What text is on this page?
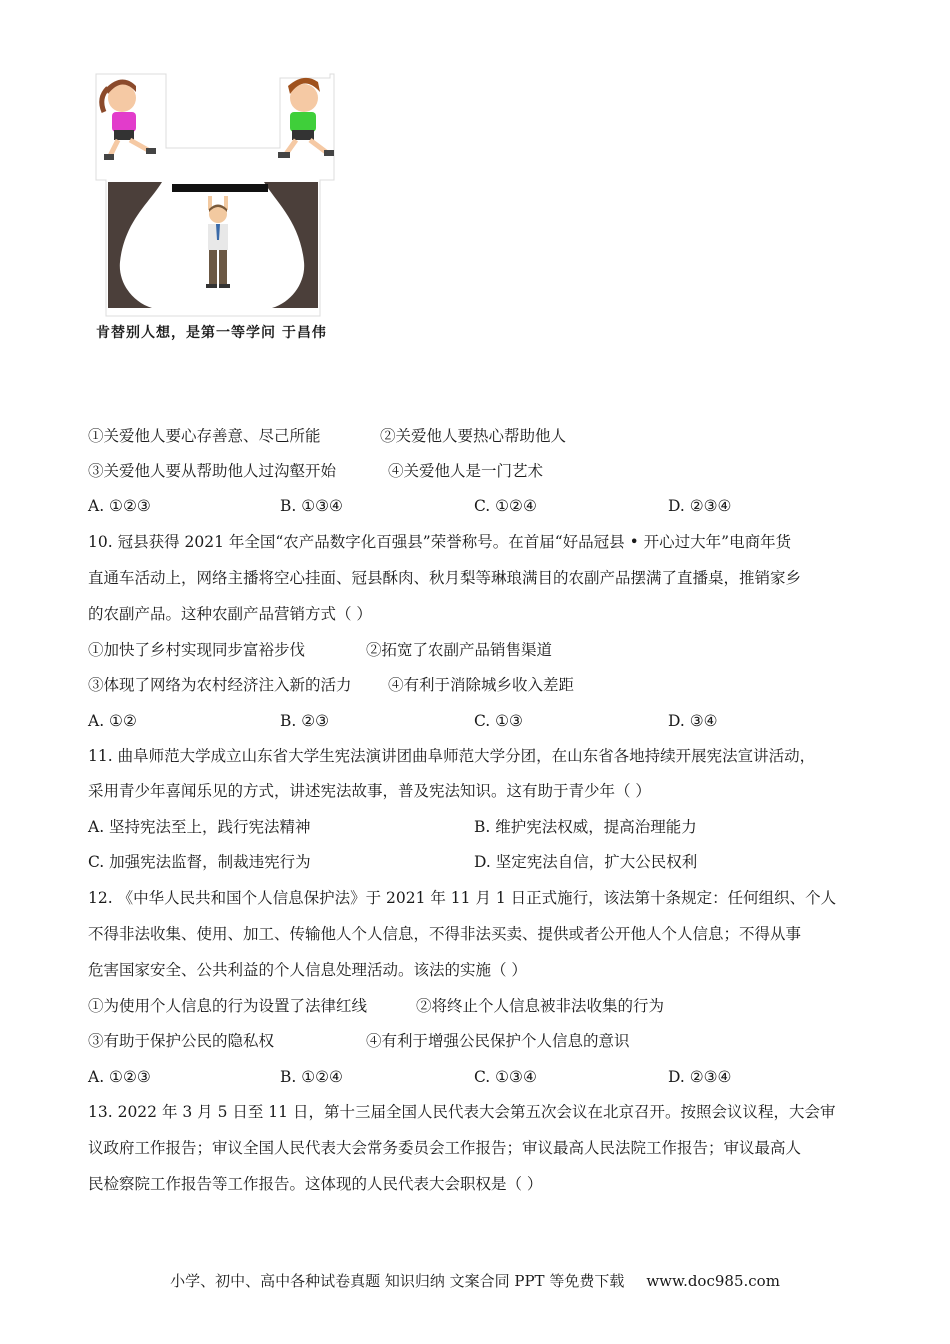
肯替别人想，是第一等学问 于昌伟
①关爱他人要心存善意、尽己所能	②关爱他人要热心帮助他人
③关爱他人要从帮助他人过沟壑开始	④关爱他人是一门艺术
A. ①②③	B. ①③④	C. ①②④	D. ②③④
10. 冠县获得 2021 年全国“农产品数字化百强县”荣誉称号。在首届“好品冠县 • 开心过大年”电商年货
直通车活动上，网络主播将空心挂面、冠县酥肉、秋月梨等琳琅满目的农副产品摆满了直播桌，推销家乡
的农副产品。这种农副产品营销方式（ ）
①加快了乡村实现同步富裕步伐	②拓宽了农副产品销售渠道
③体现了网络为农村经济注入新的活力 ④有利于消除城乡收入差距
A. ①②	B. ②③	C. ①③	D. ③④
11. 曲阜师范大学成立山东省大学生宪法演讲团曲阜师范大学分团，在山东省各地持续开展宪法宣讲活动，
采用青少年喜闻乐见的方式，讲述宪法故事，普及宪法知识。这有助于青少年（ ）
A. 坚持宪法至上，践行宪法精神	B. 维护宪法权威，提高治理能力
C. 加强宪法监督，制裁违宪行为	D. 坚定宪法自信，扩大公民权利
12. 《中华人民共和国个人信息保护法》于 2021 年 11 月 1 日正式施行，该法第十条规定：任何组织、个人
不得非法收集、使用、加工、传输他人个人信息，不得非法买卖、提供或者公开他人个人信息；不得从事
危害国家安全、公共利益的个人信息处理活动。该法的实施（ ）
①为使用个人信息的行为设置了法律红线	②将终止个人信息被非法收集的行为
③有助于保护公民的隐私权	④有利于增强公民保护个人信息的意识
A. ①②③	B. ①②④	C. ①③④	D. ②③④
13. 2022 年 3 月 5 日至 11 日，第十三届全国人民代表大会第五次会议在北京召开。按照会议议程，大会审
议政府工作报告；审议全国人民代表大会常务委员会工作报告；审议最高人民法院工作报告；审议最高人
民检察院工作报告等工作报告。这体现的人民代表大会职权是（ ）
小学、初中、高中各种试卷真题 知识归纳 文案合同 PPT 等免费下载 www.doc985.com
